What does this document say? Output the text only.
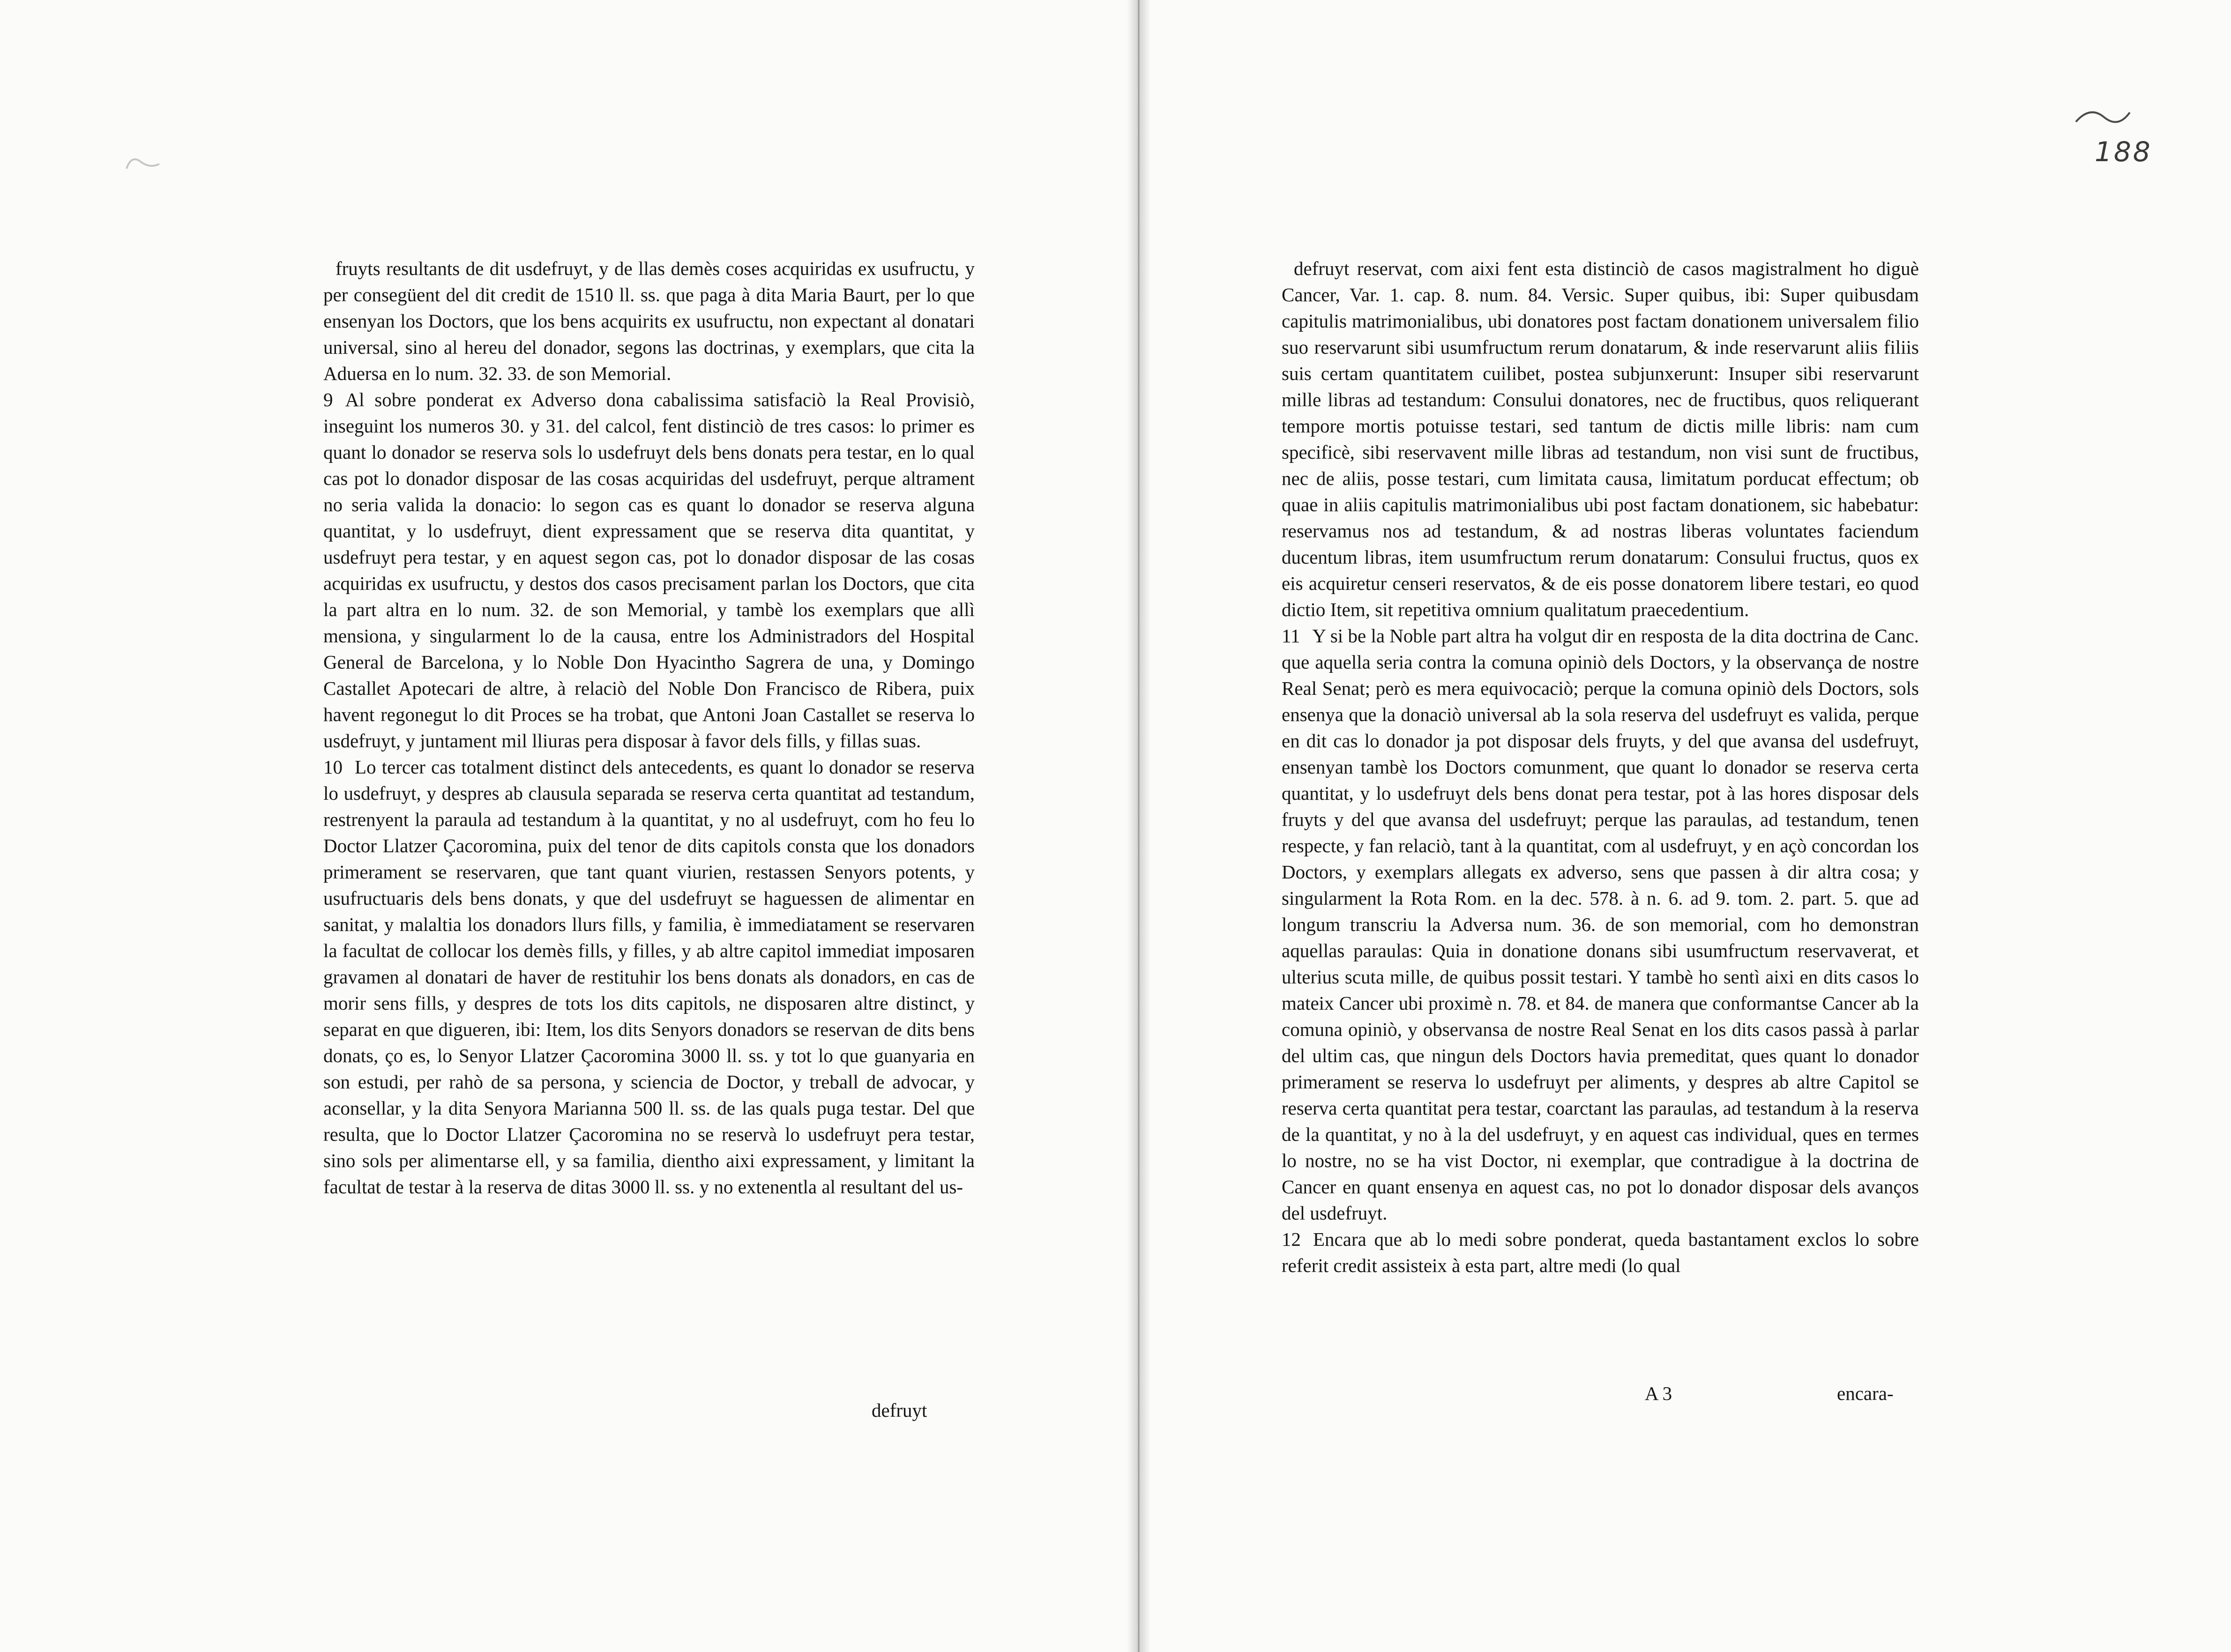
188

fruyts resultants de dit usdefruyt, y de llas demès coses acquiridas ex usufructu, y per consegüent del dit credit de 1510 ll. ss. que paga à dita Maria Baurt, per lo que ensenyan los Doctors, que los bens acquirits ex usufructu, non expectant al donatari universal, sino al hereu del donador, segons las doctrinas, y exemplars, que cita la Aduersa en lo num. 32. 33. de son Memorial.

9 Al sobre ponderat ex Adverso dona cabalissima satisfaciò la Real Provisiò, inseguint los numeros 30. y 31. del calcol, fent distinciò de tres casos: lo primer es quant lo donador se reserva sols lo usdefruyt dels bens donats pera testar, en lo qual cas pot lo donador disposar de las cosas acquiridas del usdefruyt, perque altrament no seria valida la donacio: lo segon cas es quant lo donador se reserva alguna quantitat, y lo usdefruyt, dient expressament que se reserva dita quantitat, y usdefruyt pera testar, y en aquest segon cas, pot lo donador disposar de las cosas acquiridas ex usufructu, y destos dos casos precisament parlan los Doctors, que cita la part altra en lo num. 32. de son Memorial, y tambè los exemplars que allì mensiona, y singularment lo de la causa, entre los Administradors del Hospital General de Barcelona, y lo Noble Don Hyacintho Sagrera de una, y Domingo Castallet Apotecari de altre, à relaciò del Noble Don Francisco de Ribera, puix havent regonegut lo dit Proces se ha trobat, que Antoni Joan Castallet se reserva lo usdefruyt, y juntament mil lliuras pera disposar à favor dels fills, y fillas suas.

10 Lo tercer cas totalment distinct dels antecedents, es quant lo donador se reserva lo usdefruyt, y despres ab clausula separada se reserva certa quantitat ad testandum, restrenyent la paraula ad testandum à la quantitat, y no al usdefruyt, com ho feu lo Doctor Llatzer Çacoromina, puix del tenor de dits capitols consta que los donadors primerament se reservaren, que tant quant viurien, restassen Senyors potents, y usufructuaris dels bens donats, y que del usdefruyt se haguessen de alimentar en sanitat, y malaltia los donadors llurs fills, y familia, è immediatament se reservaren la facultat de collocar los demès fills, y filles, y ab altre capitol immediat imposaren gravamen al donatari de haver de restituhir los bens donats als donadors, en cas de morir sens fills, y despres de tots los dits capitols, ne disposaren altre distinct, y separat en que digueren, ibi: Item, los dits Senyors donadors se reservan de dits bens donats, ço es, lo Senyor Llatzer Çacoromina 3000 ll. ss. y tot lo que guanyaria en son estudi, per rahò de sa persona, y sciencia de Doctor, y treball de advocar, y aconsellar, y la dita Senyora Marianna 500 ll. ss. de las quals puga testar. Del que resulta, que lo Doctor Llatzer Çacoromina no se reservà lo usdefruyt pera testar, sino sols per alimentarse ell, y sa familia, dientho aixi expressament, y limitant la facultat de testar à la reserva de ditas 3000 ll. ss. y no extenentla al resultant del us-

defruyt

defruyt reservat, com aixi fent esta distinciò de casos magistralment ho diguè Cancer, Var. 1. cap. 8. num. 84. Versic. Super quibus, ibi: Super quibusdam capitulis matrimonialibus, ubi donatores post factam donationem universalem filio suo reservarunt sibi usumfructum rerum donatarum, & inde reservarunt aliis filiis suis certam quantitatem cuilibet, postea subjunxerunt: Insuper sibi reservarunt mille libras ad testandum: Consului donatores, nec de fructibus, quos reliquerant tempore mortis potuisse testari, sed tantum de dictis mille libris: nam cum specificè, sibi reservavent mille libras ad testandum, non visi sunt de fructibus, nec de aliis, posse testari, cum limitata causa, limitatum porducat effectum; ob quae in aliis capitulis matrimonialibus ubi post factam donationem, sic habebatur: reservamus nos ad testandum, & ad nostras liberas voluntates faciendum ducentum libras, item usumfructum rerum donatarum: Consului fructus, quos ex eis acquiretur censeri reservatos, & de eis posse donatorem libere testari, eo quod dictio Item, sit repetitiva omnium qualitatum praecedentium.

11 Y si be la Noble part altra ha volgut dir en resposta de la dita doctrina de Canc. que aquella seria contra la comuna opiniò dels Doctors, y la observança de nostre Real Senat; però es mera equivocaciò; perque la comuna opiniò dels Doctors, sols ensenya que la donaciò universal ab la sola reserva del usdefruyt es valida, perque en dit cas lo donador ja pot disposar dels fruyts, y del que avansa del usdefruyt, ensenyan tambè los Doctors comunment, que quant lo donador se reserva certa quantitat, y lo usdefruyt dels bens donat pera testar, pot à las hores disposar dels fruyts y del que avansa del usdefruyt; perque las paraulas, ad testandum, tenen respecte, y fan relaciò, tant à la quantitat, com al usdefruyt, y en açò concordan los Doctors, y exemplars allegats ex adverso, sens que passen à dir altra cosa; y singularment la Rota Rom. en la dec. 578. à n. 6. ad 9. tom. 2. part. 5. que ad longum transcriu la Adversa num. 36. de son memorial, com ho demonstran aquellas paraulas: Quia in donatione donans sibi usumfructum reservaverat, et ulterius scuta mille, de quibus possit testari. Y tambè ho sentì aixi en dits casos lo mateix Cancer ubi proximè n. 78. et 84. de manera que conformantse Cancer ab la comuna opiniò, y observansa de nostre Real Senat en los dits casos passà à parlar del ultim cas, que ningun dels Doctors havia premeditat, ques quant lo donador primerament se reserva lo usdefruyt per aliments, y despres ab altre Capitol se reserva certa quantitat pera testar, coarctant las paraulas, ad testandum à la reserva de la quantitat, y no à la del usdefruyt, y en aquest cas individual, ques en termes lo nostre, no se ha vist Doctor, ni exemplar, que contradigue à la doctrina de Cancer en quant ensenya en aquest cas, no pot lo donador disposar dels avanços del usdefruyt.

12 Encara que ab lo medi sobre ponderat, queda bastantament exclos lo sobre referit credit assisteix à esta part, altre medi (lo qual

A 3	encara-
